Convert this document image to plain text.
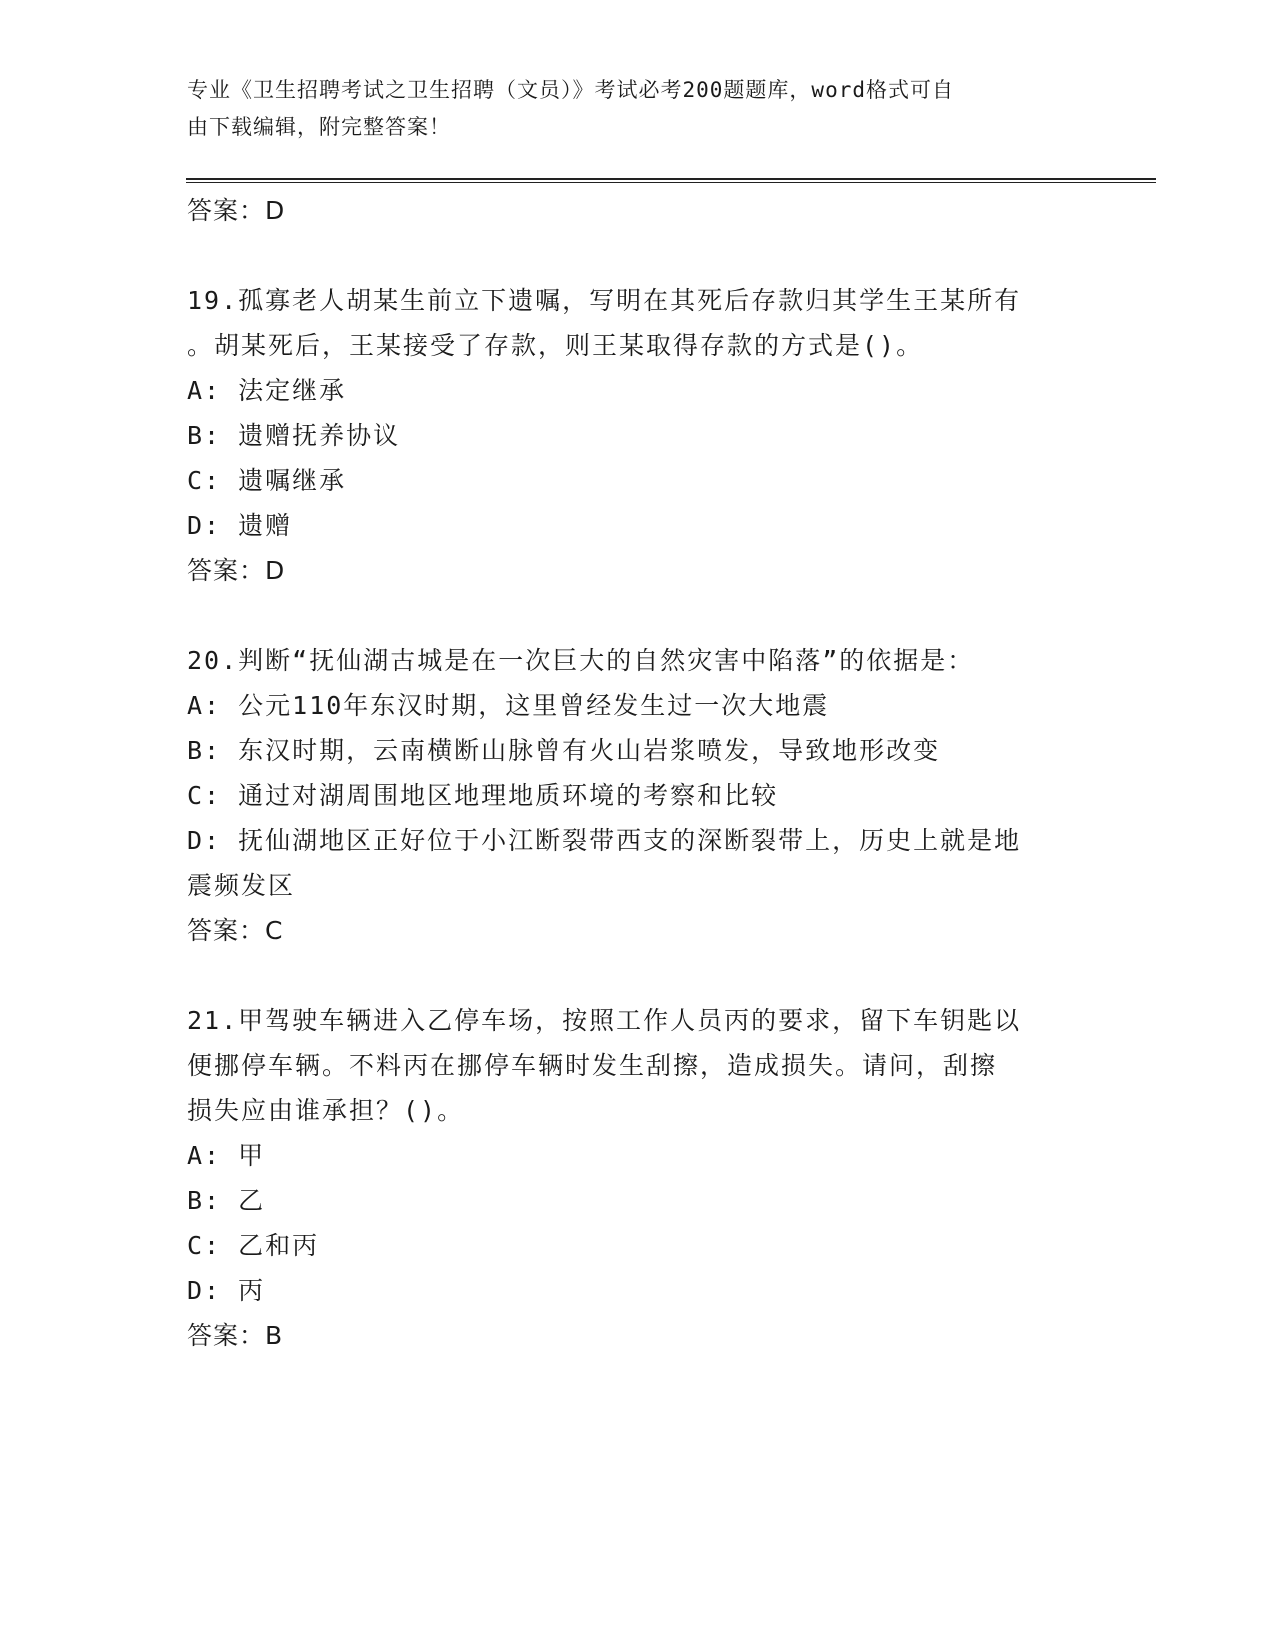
专业《卫生招聘考试之卫生招聘（文员）》考试必考200题题库，word格式可自
由下载编辑，附完整答案！
答案：D
19.孤寡老人胡某生前立下遗嘱，写明在其死后存款归其学生王某所有
。胡某死后，王某接受了存款，则王某取得存款的方式是()。
A: 法定继承
B: 遗赠抚养协议
C: 遗嘱继承
D: 遗赠
答案：D
20.判断“抚仙湖古城是在一次巨大的自然灾害中陷落”的依据是：
A: 公元110年东汉时期，这里曾经发生过一次大地震
B: 东汉时期，云南横断山脉曾有火山岩浆喷发，导致地形改变
C: 通过对湖周围地区地理地质环境的考察和比较
D: 抚仙湖地区正好位于小江断裂带西支的深断裂带上，历史上就是地
震频发区
答案：C
21.甲驾驶车辆进入乙停车场，按照工作人员丙的要求，留下车钥匙以
便挪停车辆。不料丙在挪停车辆时发生刮擦，造成损失。请问，刮擦
损失应由谁承担？()。
A: 甲
B: 乙
C: 乙和丙
D: 丙
答案：B
